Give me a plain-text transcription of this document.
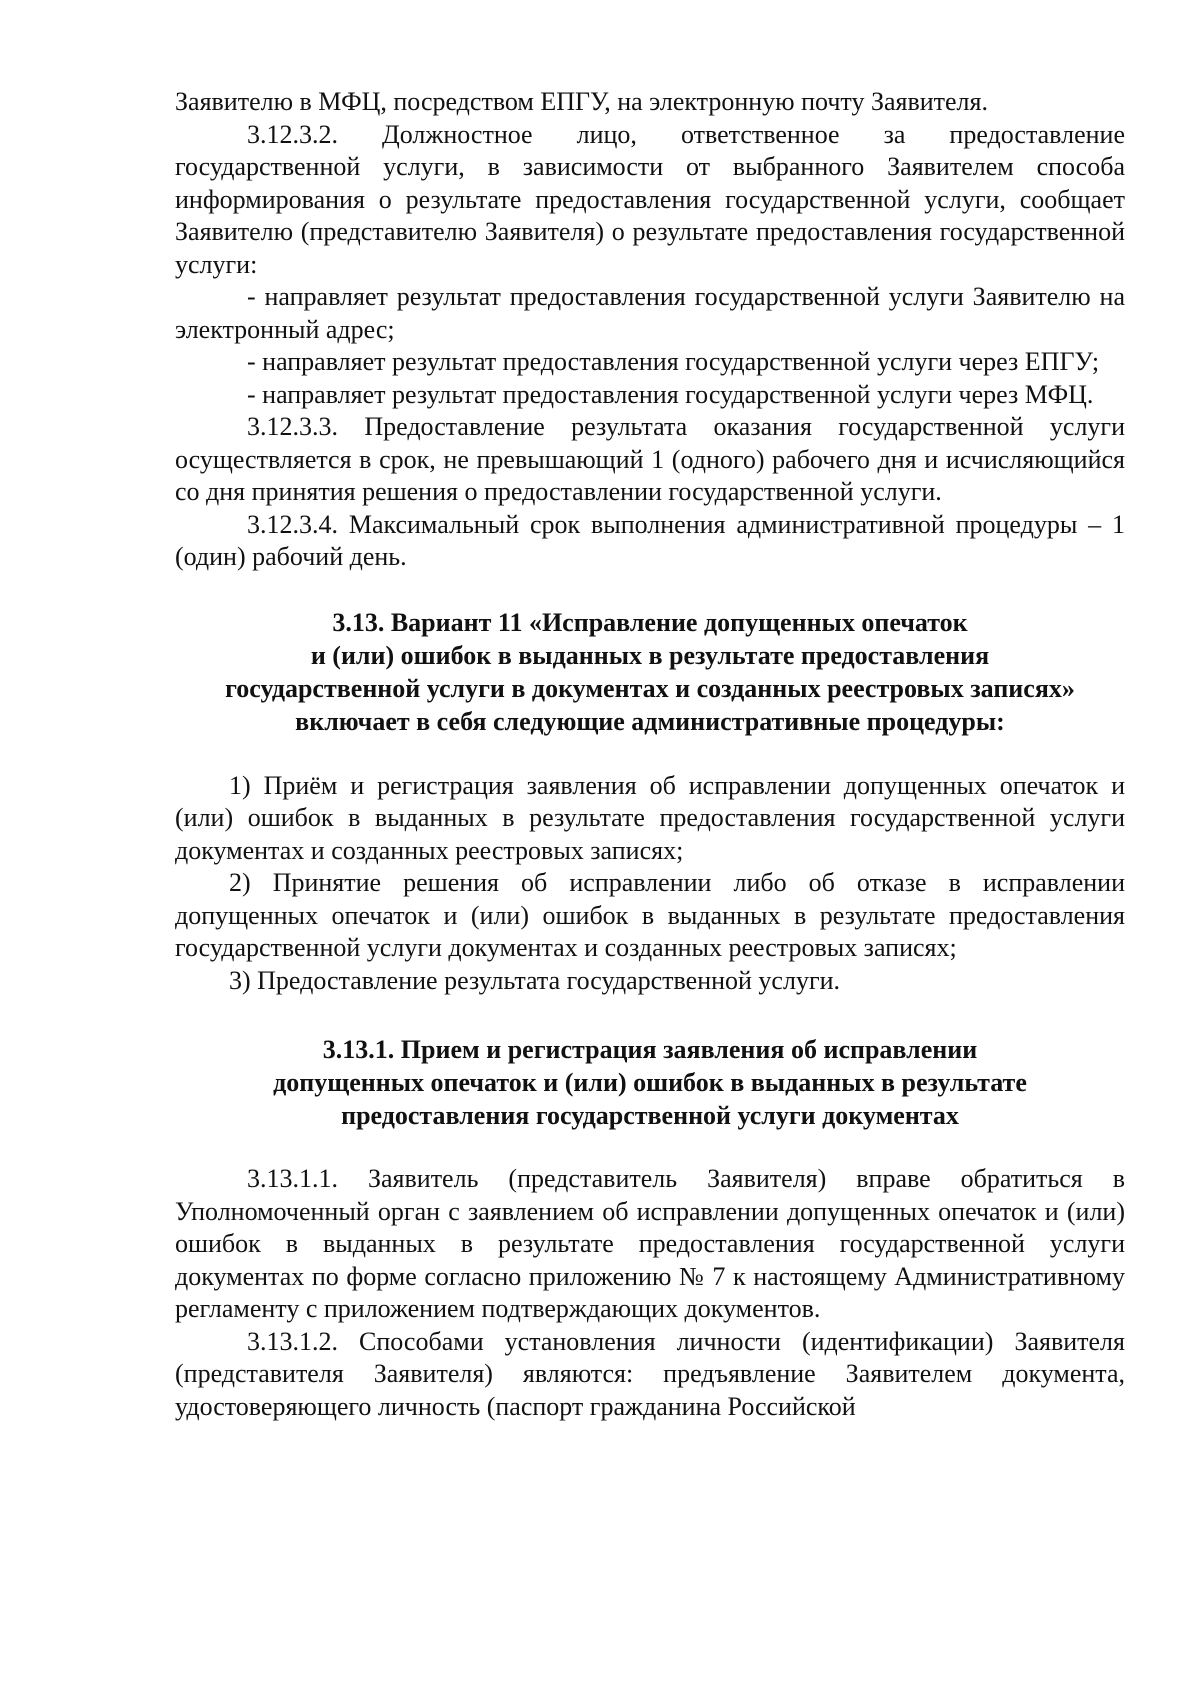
Заявителю в МФЦ, посредством ЕПГУ, на электронную почту Заявителя.

3.12.3.2. Должностное лицо, ответственное за предоставление государственной услуги, в зависимости от выбранного Заявителем способа информирования о результате предоставления государственной услуги, сообщает Заявителю (представителю Заявителя) о результате предоставления государственной услуги:

- направляет результат предоставления государственной услуги Заявителю на электронный адрес;

- направляет результат предоставления государственной услуги через ЕПГУ;

- направляет результат предоставления государственной услуги через МФЦ.

3.12.3.3. Предоставление результата оказания государственной услуги осуществляется в срок, не превышающий 1 (одного) рабочего дня и исчисляющийся со дня принятия решения о предоставлении государственной услуги.

3.12.3.4. Максимальный срок выполнения административной процедуры – 1 (один) рабочий день.

3.13. Вариант 11 «Исправление допущенных опечаток
и (или) ошибок в выданных в результате предоставления
государственной услуги в документах и созданных реестровых записях»
включает в себя следующие административные процедуры:

1) Приём и регистрация заявления об исправлении допущенных опечаток и (или) ошибок в выданных в результате предоставления государственной услуги документах и созданных реестровых записях;

2) Принятие решения об исправлении либо об отказе в исправлении допущенных опечаток и (или) ошибок в выданных в результате предоставления государственной услуги документах и созданных реестровых записях;

3) Предоставление результата государственной услуги.

3.13.1. Прием и регистрация заявления об исправлении
допущенных опечаток и (или) ошибок в выданных в результате
предоставления государственной услуги документах

3.13.1.1. Заявитель (представитель Заявителя) вправе обратиться в Уполномоченный орган с заявлением об исправлении допущенных опечаток и (или) ошибок в выданных в результате предоставления государственной услуги документах по форме согласно приложению № 7 к настоящему Административному регламенту с приложением подтверждающих документов.

3.13.1.2. Способами установления личности (идентификации) Заявителя (представителя Заявителя) являются: предъявление Заявителем документа, удостоверяющего личность (паспорт гражданина Российской
